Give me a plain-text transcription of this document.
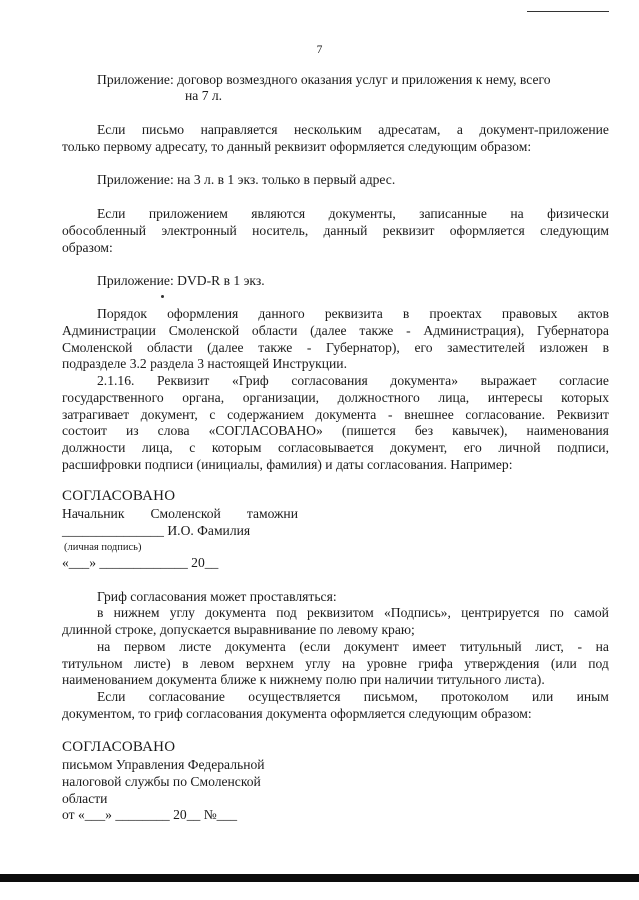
7
Приложение: договор возмездного оказания услуг и приложения к нему, всего
на 7 л.
Если письмо направляется нескольким адресатам, а документ-приложение
только первому адресату, то данный реквизит оформляется следующим образом:
Приложение: на 3 л. в 1 экз. только в первый адрес.
Если приложением являются документы, записанные на физически
обособленный электронный носитель, данный реквизит оформляется следующим
образом:
Приложение: DVD-R в 1 экз.
Порядок оформления данного реквизита в проектах правовых актов
Администрации Смоленской области (далее также - Администрация), Губернатора
Смоленской области (далее также - Губернатор), его заместителей изложен в
подразделе 3.2 раздела 3 настоящей Инструкции.
2.1.16. Реквизит «Гриф согласования документа» выражает согласие
государственного органа, организации, должностного лица, интересы которых
затрагивает документ, с содержанием документа - внешнее согласование. Реквизит
состоит из слова «СОГЛАСОВАНО» (пишется без кавычек), наименования
должности лица, с которым согласовывается документ, его личной подписи,
расшифровки подписи (инициалы, фамилия) и даты согласования. Например:
СОГЛАСОВАНО
Начальник Смоленской таможни
_______________ И.О. Фамилия
(личная подпись)
«___» _____________ 20__
Гриф согласования может проставляться:
в нижнем углу документа под реквизитом «Подпись», центрируется по самой
длинной строке, допускается выравнивание по левому краю;
на первом листе документа (если документ имеет титульный лист, - на
титульном листе) в левом верхнем углу на уровне грифа утверждения (или под
наименованием документа ближе к нижнему полю при наличии титульного листа).
Если согласование осуществляется письмом, протоколом или иным
документом, то гриф согласования документа оформляется следующим образом:
СОГЛАСОВАНО
письмом Управления Федеральной
налоговой службы по Смоленской
области
от «___» ________ 20__ №___
